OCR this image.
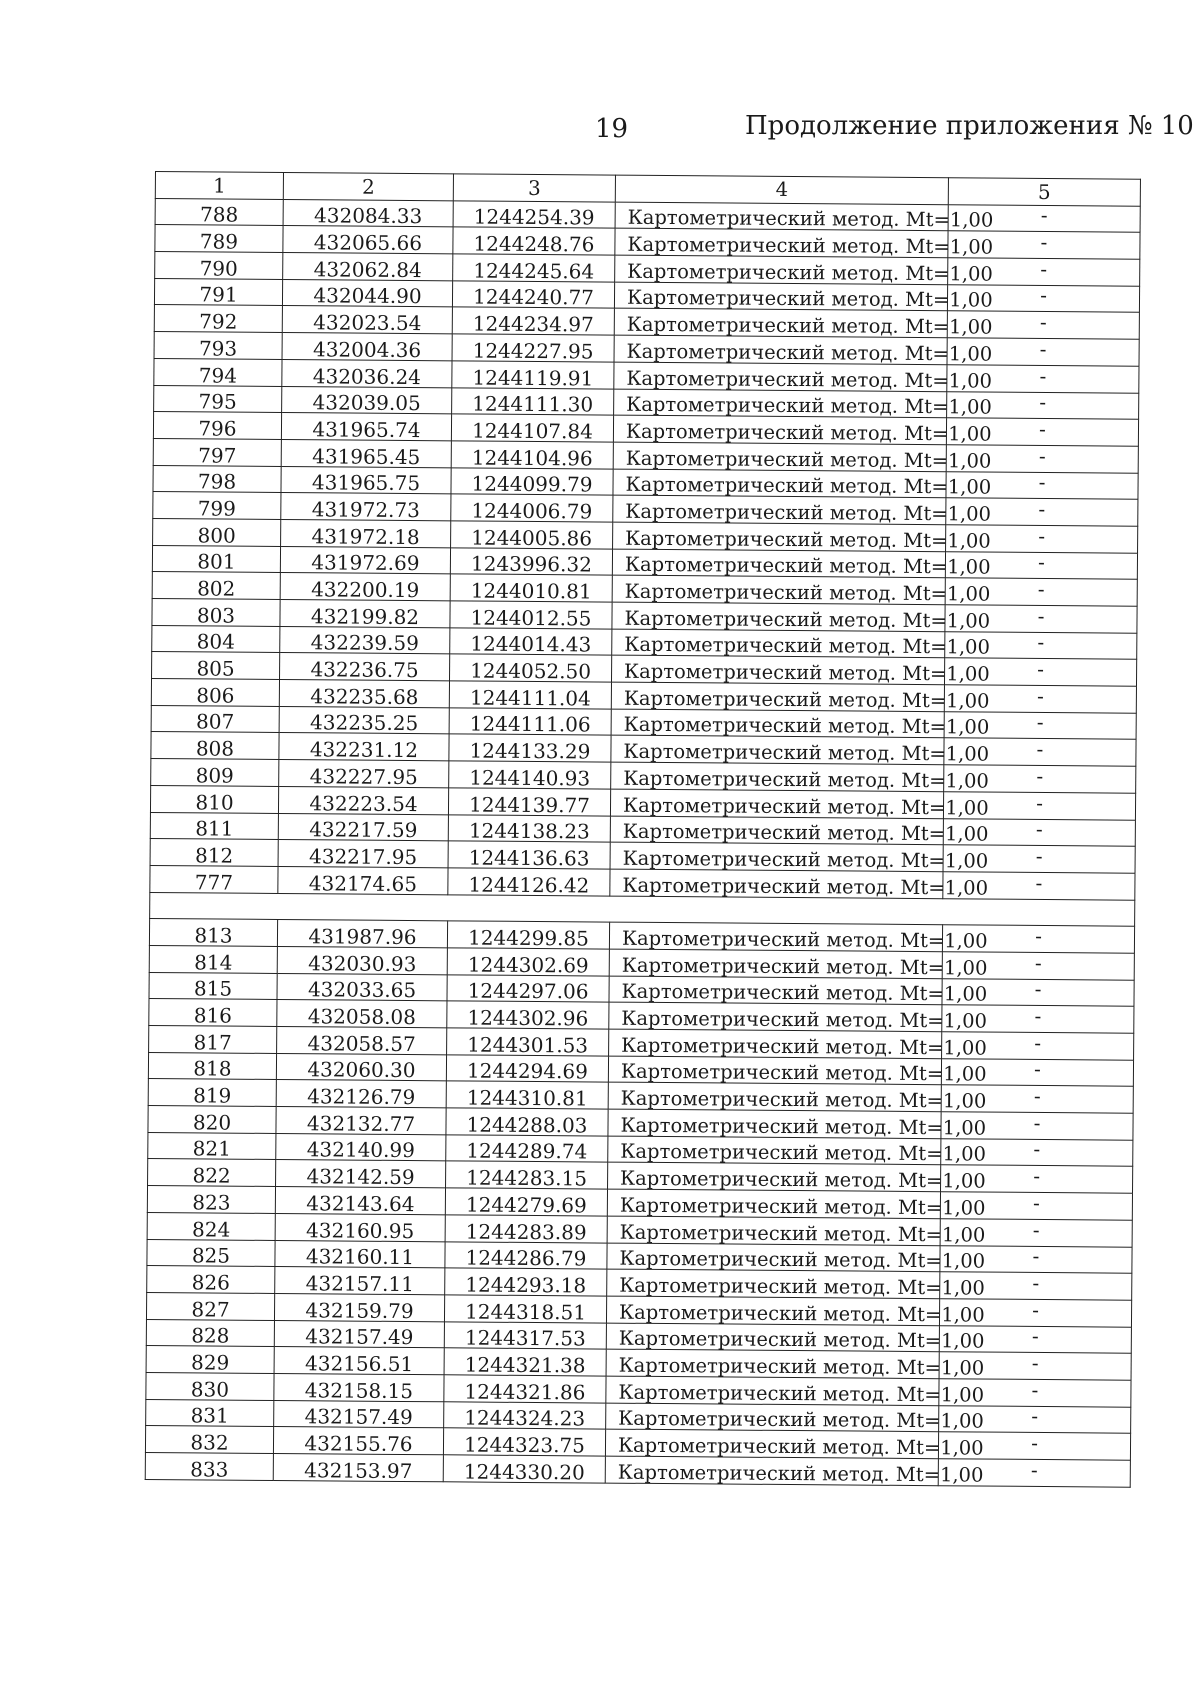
19	Продолжение приложения № 10
1	2	3	4	5
788	432084.33	1244254.39	Картометрический метод. Mt=1,00	-
789	432065.66	1244248.76	Картометрический метод. Mt=1,00	-
790	432062.84	1244245.64	Картометрический метод. Mt=1,00	-
791	432044.90	1244240.77	Картометрический метод. Mt=1,00	-
792	432023.54	1244234.97	Картометрический метод. Mt=1,00	-
793	432004.36	1244227.95	Картометрический метод. Mt=1,00	-
794	432036.24	1244119.91	Картометрический метод. Mt=1,00	-
795	432039.05	1244111.30	Картометрический метод. Mt=1,00	-
796	431965.74	1244107.84	Картометрический метод. Mt=1,00	-
797	431965.45	1244104.96	Картометрический метод. Mt=1,00	-
798	431965.75	1244099.79	Картометрический метод. Mt=1,00	-
799	431972.73	1244006.79	Картометрический метод. Mt=1,00	-
800	431972.18	1244005.86	Картометрический метод. Mt=1,00	-
801	431972.69	1243996.32	Картометрический метод. Mt=1,00	-
802	432200.19	1244010.81	Картометрический метод. Mt=1,00	-
803	432199.82	1244012.55	Картометрический метод. Mt=1,00	-
804	432239.59	1244014.43	Картометрический метод. Mt=1,00	-
805	432236.75	1244052.50	Картометрический метод. Mt=1,00	-
806	432235.68	1244111.04	Картометрический метод. Mt=1,00	-
807	432235.25	1244111.06	Картометрический метод. Mt=1,00	-
808	432231.12	1244133.29	Картометрический метод. Mt=1,00	-
809	432227.95	1244140.93	Картометрический метод. Mt=1,00	-
810	432223.54	1244139.77	Картометрический метод. Mt=1,00	-
811	432217.59	1244138.23	Картометрический метод. Mt=1,00	-
812	432217.95	1244136.63	Картометрический метод. Mt=1,00	-
777	432174.65	1244126.42	Картометрический метод. Mt=1,00	-

813	431987.96	1244299.85	Картометрический метод. Mt=1,00	-
814	432030.93	1244302.69	Картометрический метод. Mt=1,00	-
815	432033.65	1244297.06	Картометрический метод. Mt=1,00	-
816	432058.08	1244302.96	Картометрический метод. Mt=1,00	-
817	432058.57	1244301.53	Картометрический метод. Mt=1,00	-
818	432060.30	1244294.69	Картометрический метод. Mt=1,00	-
819	432126.79	1244310.81	Картометрический метод. Mt=1,00	-
820	432132.77	1244288.03	Картометрический метод. Mt=1,00	-
821	432140.99	1244289.74	Картометрический метод. Mt=1,00	-
822	432142.59	1244283.15	Картометрический метод. Mt=1,00	-
823	432143.64	1244279.69	Картометрический метод. Mt=1,00	-
824	432160.95	1244283.89	Картометрический метод. Mt=1,00	-
825	432160.11	1244286.79	Картометрический метод. Mt=1,00	-
826	432157.11	1244293.18	Картометрический метод. Mt=1,00	-
827	432159.79	1244318.51	Картометрический метод. Mt=1,00	-
828	432157.49	1244317.53	Картометрический метод. Mt=1,00	-
829	432156.51	1244321.38	Картометрический метод. Mt=1,00	-
830	432158.15	1244321.86	Картометрический метод. Mt=1,00	-
831	432157.49	1244324.23	Картометрический метод. Mt=1,00	-
832	432155.76	1244323.75	Картометрический метод. Mt=1,00	-
833	432153.97	1244330.20	Картометрический метод. Mt=1,00	-
